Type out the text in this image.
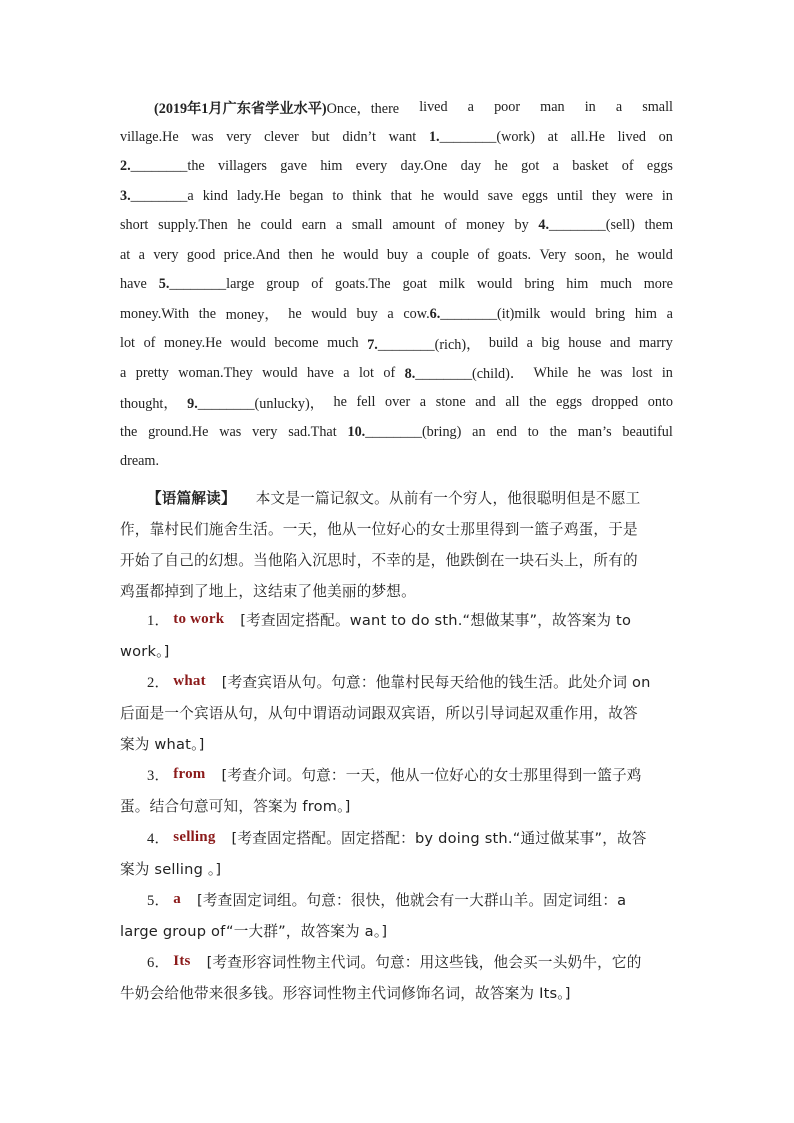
(2019年1月广东省学业水平)Once，there lived a poor man in a small
village.He was very clever but didn’t want 1.________(work) at all.He lived on
2.________the villagers gave him every day.One day he got a basket of eggs
3.________a kind lady.He began to think that he would save eggs until they were in
short supply.Then he could earn a small amount of money by 4.________(sell) them
at a very good price.And then he would buy a couple of goats. Very soon，he would
have 5.________large group of goats.The goat milk would bring him much more
money.With the money， he would buy a cow.6.________(it)milk would bring him a
lot of money.He would become much 7.________(rich)， build a big house and marry
a pretty woman.They would have a lot of 8.________(child)． While he was lost in
thought， 9.________(unlucky)， he fell over a stone and all the eggs dropped onto
the ground.He was very sad.That 10.________(bring) an end to the man’s beautiful
dream.
【语篇解读】 本文是一篇记叙文。从前有一个穷人，他很聪明但是不愿工
作，靠村民们施舍生活。一天，他从一位好心的女士那里得到一篮子鸡蛋，于是
开始了自己的幻想。当他陷入沉思时，不幸的是，他跌倒在一块石头上，所有的
鸡蛋都掉到了地上，这结束了他美丽的梦想。
1． to work [考查固定搭配。want to do sth.“想做某事”，故答案为 to
work。]
2． what [考查宾语从句。句意：他靠村民每天给他的钱生活。此处介词 on
后面是一个宾语从句，从句中谓语动词跟双宾语，所以引导词起双重作用，故答
案为 what。]
3． from [考查介词。句意：一天，他从一位好心的女士那里得到一篮子鸡
蛋。结合句意可知，答案为 from。]
4． selling [考查固定搭配。固定搭配：by doing sth.“通过做某事”，故答
案为 selling 。]
5． a [考查固定词组。句意：很快，他就会有一大群山羊。固定词组：a
large group of“一大群”，故答案为 a。]
6． Its [考查形容词性物主代词。句意：用这些钱，他会买一头奶牛，它的
牛奶会给他带来很多钱。形容词性物主代词修饰名词，故答案为 Its。]
